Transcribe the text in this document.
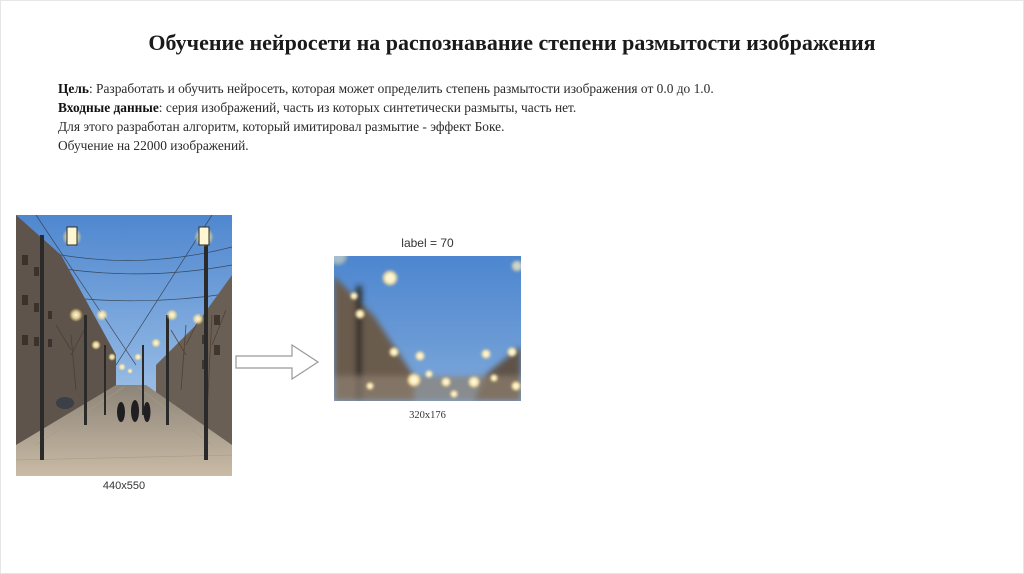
Обучение нейросети на распознавание степени размытости изображения
Цель: Разработать и обучить нейросеть, которая может определить степень размытости изображения от 0.0 до 1.0.
Входные данные: серия изображений, часть из которых синтетически размыты, часть нет.
Для этого разработан алгоритм, который имитировал размытие - эффект Боке.
Обучение на 22000 изображений.
440x550
label = 70
320x176
